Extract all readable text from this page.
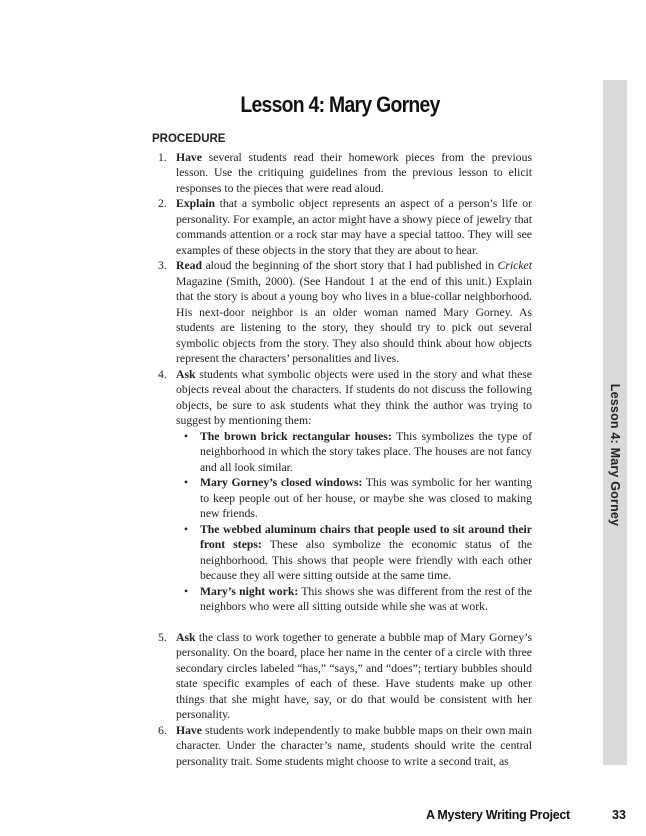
Lesson 4: Mary Gorney
Lesson 4: Mary Gorney
PROCEDURE
1. Have several students read their homework pieces from the previous lesson. Use the critiquing guidelines from the previous lesson to elicit responses to the pieces that were read aloud.
2. Explain that a symbolic object represents an aspect of a person’s life or personality. For example, an actor might have a showy piece of jewelry that commands attention or a rock star may have a special tattoo. They will see examples of these objects in the story that they are about to hear.
3. Read aloud the beginning of the short story that I had published in Cricket Magazine (Smith, 2000). (See Handout 1 at the end of this unit.) Explain that the story is about a young boy who lives in a blue-collar neighborhood. His next-door neighbor is an older woman named Mary Gorney. As students are listening to the story, they should try to pick out several symbolic objects from the story. They also should think about how objects represent the characters’ personalities and lives.
4. Ask students what symbolic objects were used in the story and what these objects reveal about the characters. If students do not discuss the following objects, be sure to ask students what they think the author was trying to suggest by mentioning them:
• The brown brick rectangular houses: This symbolizes the type of neighborhood in which the story takes place. The houses are not fancy and all look similar.
• Mary Gorney’s closed windows: This was symbolic for her wanting to keep people out of her house, or maybe she was closed to making new friends.
• The webbed aluminum chairs that people used to sit around their front steps: These also symbolize the economic status of the neighborhood. This shows that people were friendly with each other because they all were sitting outside at the same time.
• Mary’s night work: This shows she was different from the rest of the neighbors who were all sitting outside while she was at work.
5. Ask the class to work together to generate a bubble map of Mary Gorney’s personality. On the board, place her name in the center of a circle with three secondary circles labeled “has,” “says,” and “does”; tertiary bubbles should state specific examples of each of these. Have students make up other things that she might have, say, or do that would be consistent with her personality.
6. Have students work independently to make bubble maps on their own main character. Under the character’s name, students should write the central personality trait. Some students might choose to write a second trait, as
A Mystery Writing Project	33
